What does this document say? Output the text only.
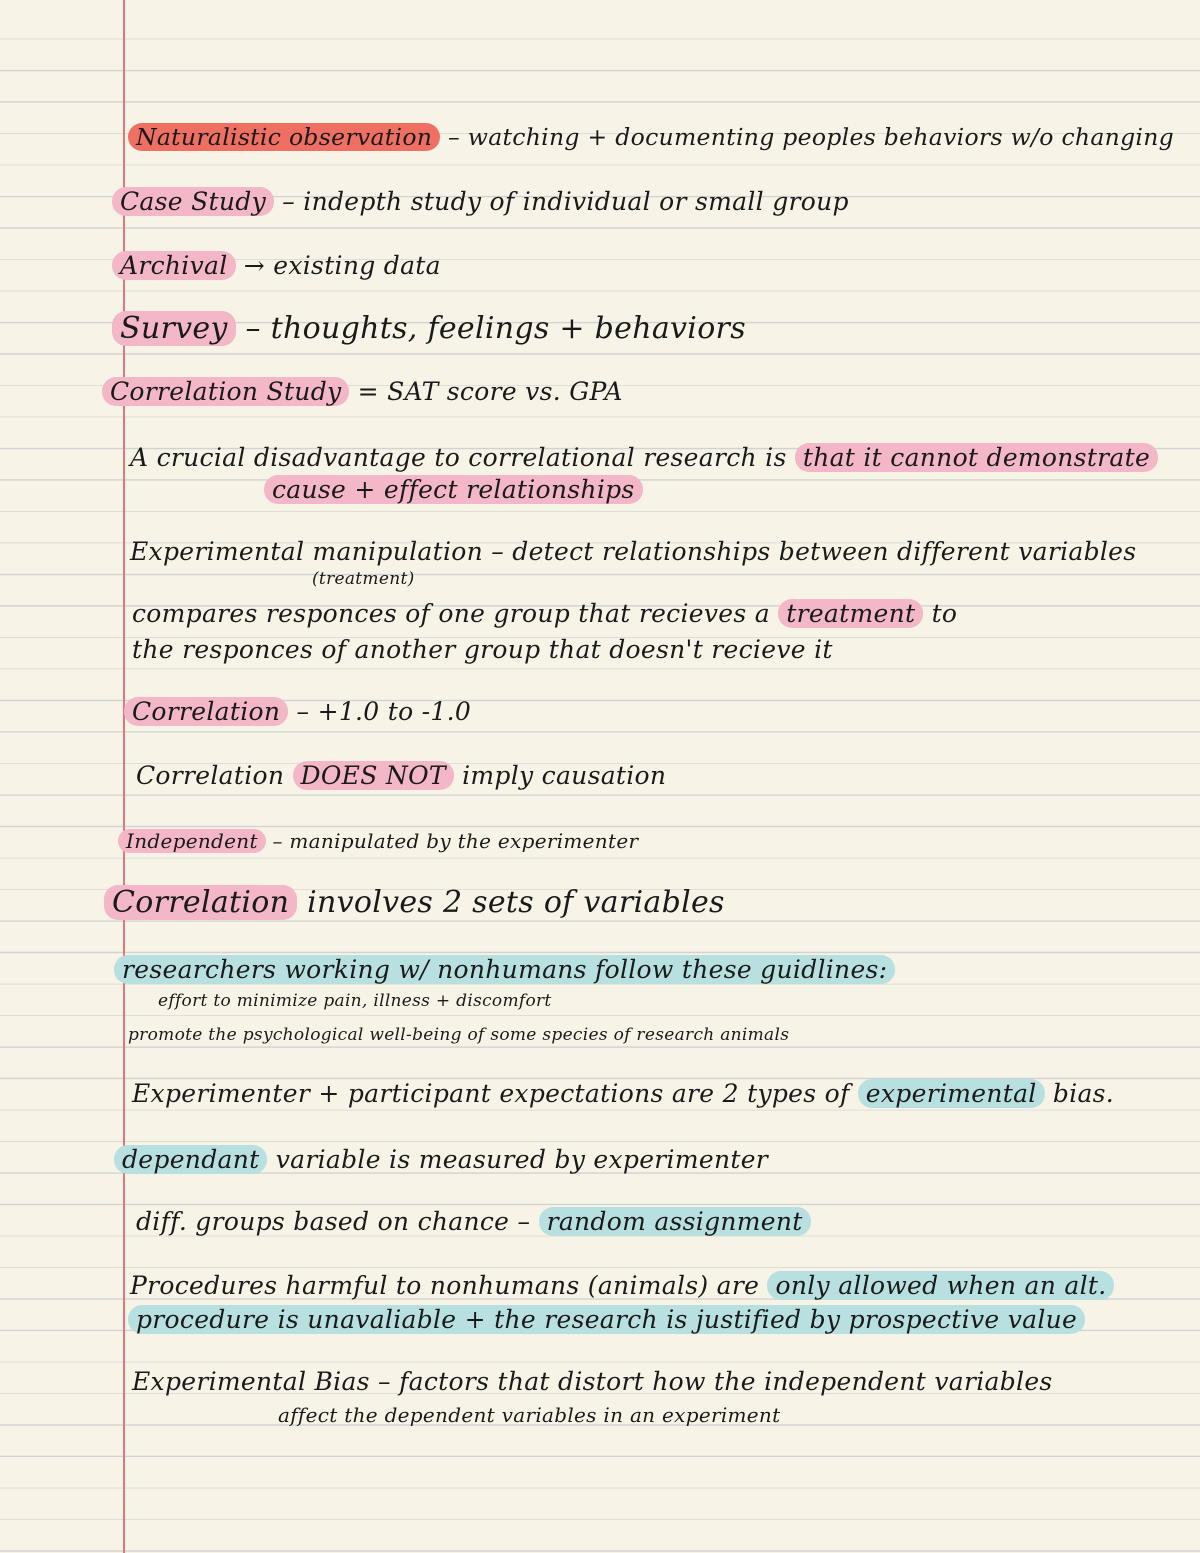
Naturalistic observation – watching + documenting peoples behaviors w/o changing
Case Study – indepth study of individual or small group
Archival → existing data
Survey – thoughts, feelings + behaviors
Correlation Study = SAT score vs. GPA
A crucial disadvantage to correlational research is that it cannot demonstrate
cause + effect relationships
Experimental manipulation – detect relationships between different variables
(treatment)
compares responces of one group that recieves a treatment to
the responces of another group that doesn't recieve it
Correlation – +1.0 to -1.0
Correlation DOES NOT imply causation
Independent – manipulated by the experimenter
Correlation involves 2 sets of variables
researchers working w/ nonhumans follow these guidlines:
effort to minimize pain, illness + discomfort
promote the psychological well-being of some species of research animals
Experimenter + participant expectations are 2 types of experimental bias.
dependant variable is measured by experimenter
diff. groups based on chance – random assignment
Procedures harmful to nonhumans (animals) are only allowed when an alt.
procedure is unavaliable + the research is justified by prospective value
Experimental Bias – factors that distort how the independent variables
affect the dependent variables in an experiment
